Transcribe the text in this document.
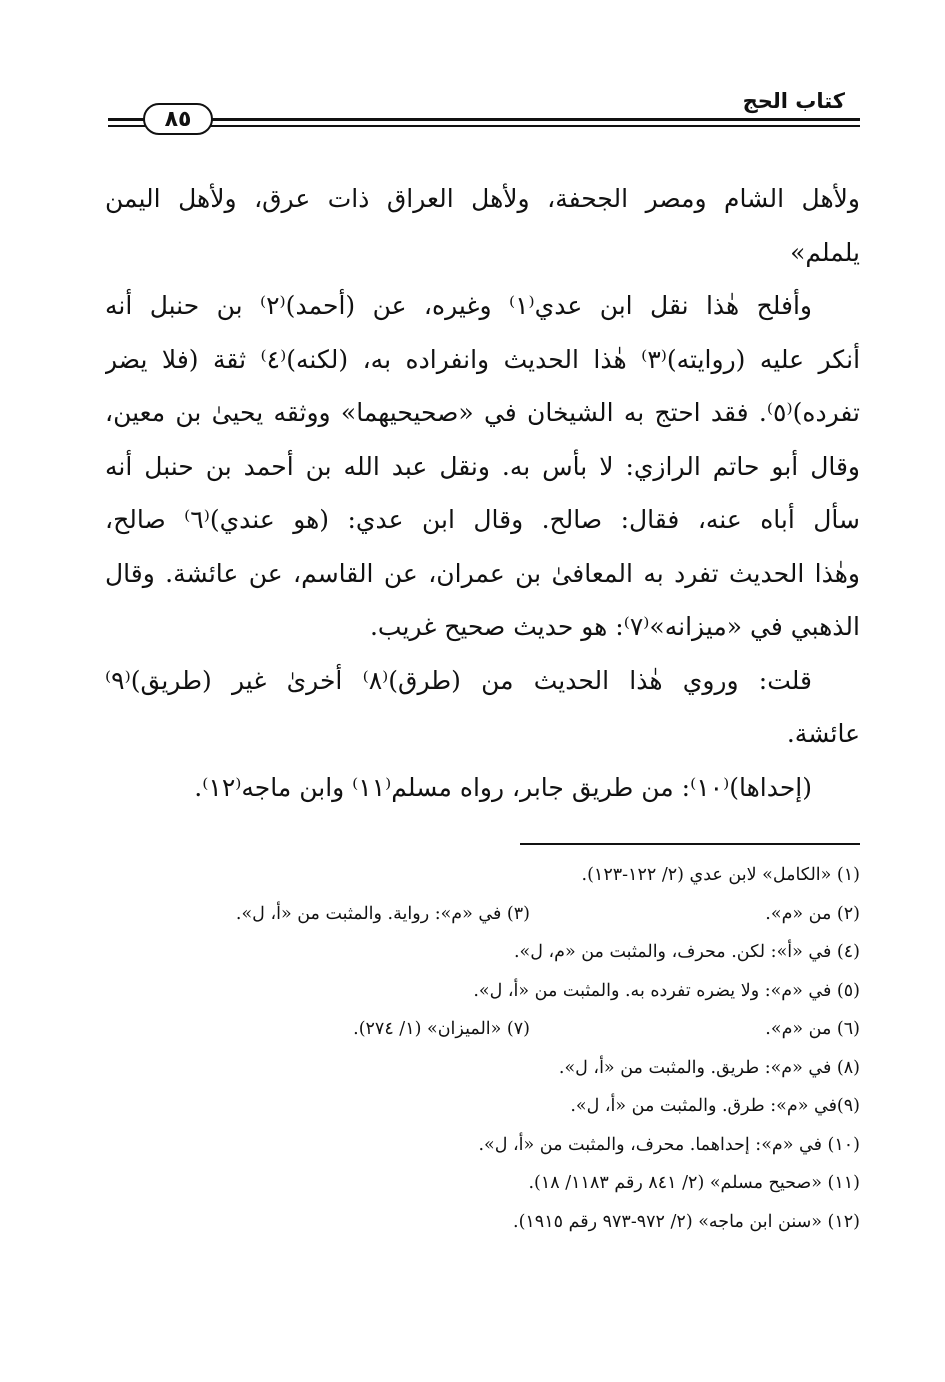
كتاب الحج
٨٥
ولأهل الشام ومصر الجحفة، ولأهل العراق ذات عرق، ولأهل اليمن
يلملم»
وأفلح هٰذا نقل ابن عدي⁽١⁾ وغيره، عن (أحمد)⁽٢⁾ بن حنبل أنه
أنكر عليه (روايته)⁽٣⁾ هٰذا الحديث وانفراده به، (لكنه)⁽٤⁾ ثقة (فلا يضر
تفرده)⁽٥⁾. فقد احتج به الشيخان في «صحيحيهما» ووثقه يحيىٰ بن معين،
وقال أبو حاتم الرازي: لا بأس به. ونقل عبد الله بن أحمد بن حنبل أنه
سأل أباه عنه، فقال: صالح. وقال ابن عدي: (هو عندي)⁽٦⁾ صالح،
وهٰذا الحديث تفرد به المعافىٰ بن عمران، عن القاسم، عن عائشة. وقال
الذهبي في «ميزانه»⁽٧⁾: هو حديث صحيح غريب.
قلت: وروي هٰذا الحديث من (طرق)⁽٨⁾ أخرىٰ غير (طريق)⁽٩⁾
عائشة.
(إحداها)⁽١٠⁾: من طريق جابر، رواه مسلم⁽١١⁾ وابن ماجه⁽١٢⁾.
(١) «الكامل» لابن عدي (٢/ ١٢٢-١٢٣).
(٢) من «م».
(٣) في «م»: رواية. والمثبت من «أ، ل».
(٤) في «أ»: لكن. محرف، والمثبت من «م، ل».
(٥) في «م»: ولا يضره تفرده به. والمثبت من «أ، ل».
(٦) من «م».
(٧) «الميزان» (١/ ٢٧٤).
(٨) في «م»: طريق. والمثبت من «أ، ل».
(٩)في «م»: طرق. والمثبت من «أ، ل».
(١٠) في «م»: إحداهما. محرف، والمثبت من «أ، ل».
(١١) «صحيح مسلم» (٢/ ٨٤١ رقم ١١٨٣/ ١٨).
(١٢) «سنن ابن ماجه» (٢/ ٩٧٢-٩٧٣ رقم ١٩١٥).
